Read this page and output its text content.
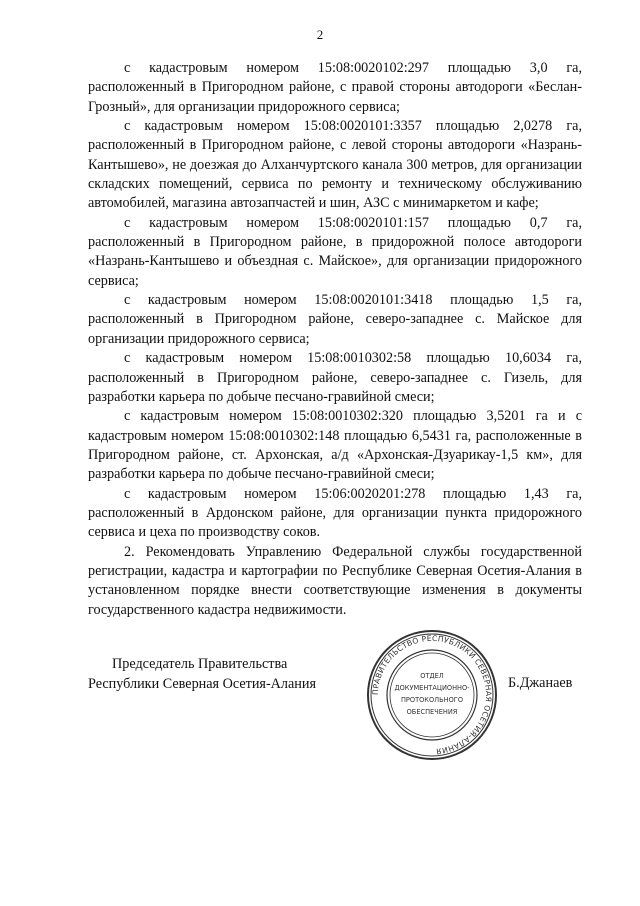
2

с кадастровым номером 15:08:0020102:297 площадью 3,0 га, расположенный в Пригородном районе, с правой стороны автодороги «Беслан-Грозный», для организации придорожного сервиса;

с кадастровым номером 15:08:0020101:3357 площадью 2,0278 га, расположенный в Пригородном районе, с левой стороны автодороги «Назрань-Кантышево», не доезжая до Алханчуртского канала 300 метров, для организации складских помещений, сервиса по ремонту и техническому обслуживанию автомобилей, магазина автозапчастей и шин, АЗС с минимаркетом и кафе;

с кадастровым номером 15:08:0020101:157 площадью 0,7 га, расположенный в Пригородном районе, в придорожной полосе автодороги «Назрань-Кантышево и объездная с. Майское», для организации придорожного сервиса;

с кадастровым номером 15:08:0020101:3418 площадью 1,5 га, расположенный в Пригородном районе, северо-западнее с. Майское для организации придорожного сервиса;

с кадастровым номером 15:08:0010302:58 площадью 10,6034 га, расположенный в Пригородном районе, северо-западнее с. Гизель, для разработки карьера по добыче песчано-гравийной смеси;

с кадастровым номером 15:08:0010302:320 площадью 3,5201 га и с кадастровым номером 15:08:0010302:148 площадью 6,5431 га, расположенные в Пригородном районе, ст. Архонская, а/д «Архонская-Дзуарикау-1,5 км», для разработки карьера по добыче песчано-гравийной смеси;

с кадастровым номером 15:06:0020201:278 площадью 1,43 га, расположенный в Ардонском районе, для организации пункта придорожного сервиса и цеха по производству соков.

2. Рекомендовать Управлению Федеральной службы государственной регистрации, кадастра и картографии по Республике Северная Осетия-Алания в установленном порядке внести соответствующие изменения в документы государственного кадастра недвижимости.

Председатель Правительства
Республики Северная Осетия-Алания
ПРАВИТЕЛЬСТВО РЕСПУБЛИКИ СЕВЕРНАЯ ОСЕТИЯ-АЛАНИЯ
ОТДЕЛ
ДОКУМЕНТАЦИОННО-
ПРОТОКОЛЬНОГО
ОБЕСПЕЧЕНИЯ
Б.Джанаев
